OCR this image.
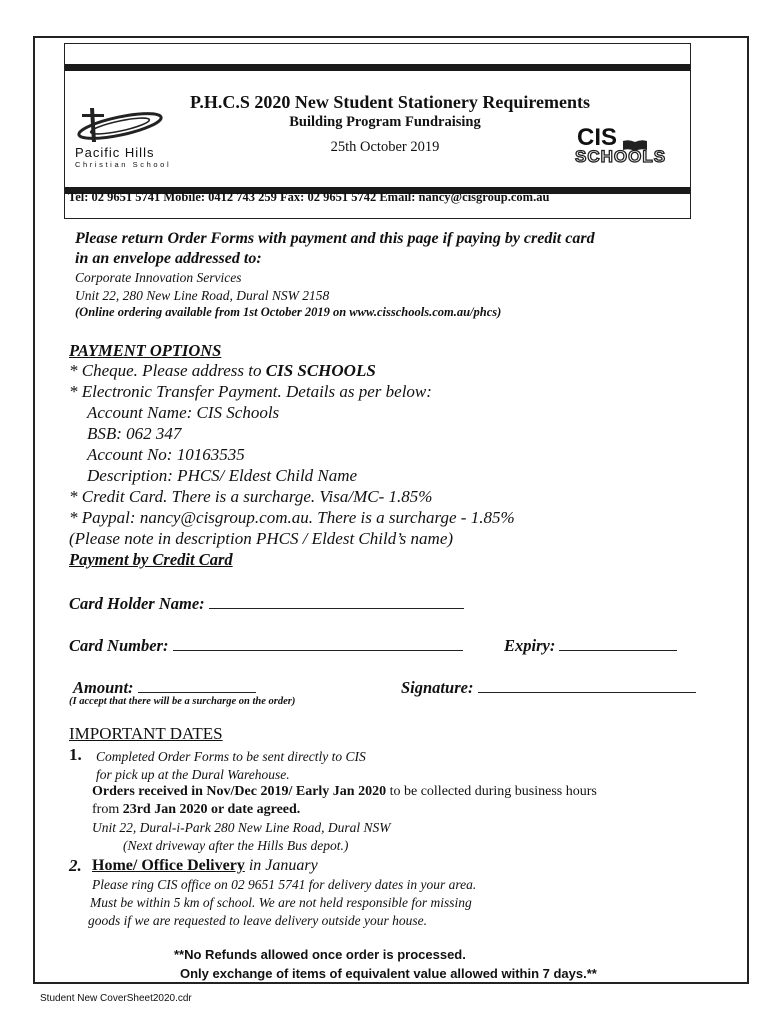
Pacific Hills
Christian School
P.H.C.S 2020 New Student Stationery Requirements
Building Program Fundraising
25th October 2019	CIS
SCHOOLS
Tel: 02 9651 5741 Mobile: 0412 743 259 Fax: 02 9651 5742 Email: nancy@cisgroup.com.au
Please return Order Forms with payment and this page if paying by credit card
in an envelope addressed to:
Corporate Innovation Services
Unit 22, 280 New Line Road, Dural NSW 2158
(Online ordering available from 1st October 2019 on www.cisschools.com.au/phcs)
PAYMENT OPTIONS
* Cheque. Please address to CIS SCHOOLS
* Electronic Transfer Payment. Details as per below:
Account Name: CIS Schools
BSB: 062 347
Account No: 10163535
Description: PHCS/ Eldest Child Name
* Credit Card. There is a surcharge. Visa/MC- 1.85%
* Paypal: nancy@cisgroup.com.au. There is a surcharge - 1.85%
(Please note in description PHCS / Eldest Child’s name)
Payment by Credit Card
Card Holder Name:
Card Number:	Expiry:
Amount:	Signature:
(I accept that there will be a surcharge on the order)
IMPORTANT DATES
1. Completed Order Forms to be sent directly to CIS
for pick up at the Dural Warehouse.
Orders received in Nov/Dec 2019/ Early Jan 2020 to be collected during business hours
from 23rd Jan 2020 or date agreed.
Unit 22, Dural-i-Park 280 New Line Road, Dural NSW
(Next driveway after the Hills Bus depot.)
2. Home/ Office Delivery in January
Please ring CIS office on 02 9651 5741 for delivery dates in your area.
Must be within 5 km of school. We are not held responsible for missing
goods if we are requested to leave delivery outside your house.
**No Refunds allowed once order is processed.
Only exchange of items of equivalent value allowed within 7 days.**
Student New CoverSheet2020.cdr
